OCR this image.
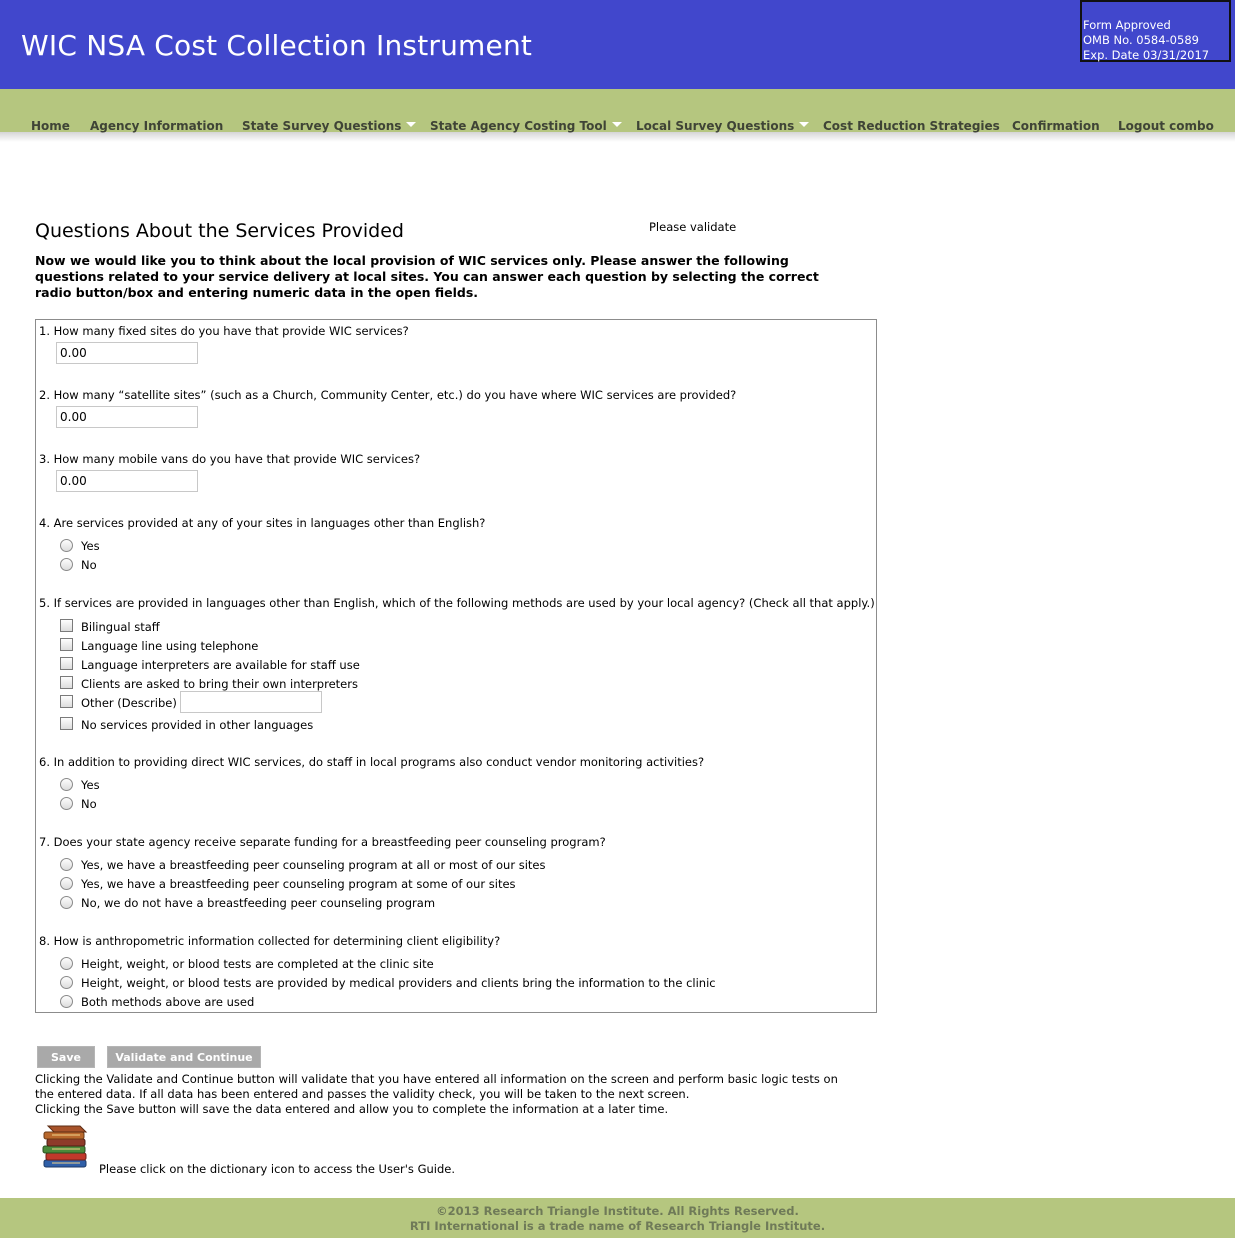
WIC NSA Cost Collection Instrument
Form Approved
OMB No. 0584-0589
Exp. Date 03/31/2017
Home Agency Information State Survey Questions	State Agency Costing Tool	Local Survey Questions	Cost Reduction Strategies Confirmation Logout combo
Questions About the Services Provided	Please validate
Now we would like you to think about the local provision of WIC services only. Please answer the following questions related to your service delivery at local sites. You can answer each question by selecting the correct radio button/box and entering numeric data in the open fields.
1. How many fixed sites do you have that provide WIC services?
0.00
2. How many “satellite sites” (such as a Church, Community Center, etc.) do you have where WIC services are provided?
0.00
3. How many mobile vans do you have that provide WIC services?
0.00
4. Are services provided at any of your sites in languages other than English?
Yes
No
5. If services are provided in languages other than English, which of the following methods are used by your local agency? (Check all that apply.)
Bilingual staff
Language line using telephone
Language interpreters are available for staff use
Clients are asked to bring their own interpreters
Other (Describe)
No services provided in other languages
6. In addition to providing direct WIC services, do staff in local programs also conduct vendor monitoring activities?
Yes
No
7. Does your state agency receive separate funding for a breastfeeding peer counseling program?
Yes, we have a breastfeeding peer counseling program at all or most of our sites
Yes, we have a breastfeeding peer counseling program at some of our sites
No, we do not have a breastfeeding peer counseling program
8. How is anthropometric information collected for determining client eligibility?
Height, weight, or blood tests are completed at the clinic site
Height, weight, or blood tests are provided by medical providers and clients bring the information to the clinic
Both methods above are used
Save	Validate and Continue
Clicking the Validate and Continue button will validate that you have entered all information on the screen and perform basic logic tests on
the entered data. If all data has been entered and passes the validity check, you will be taken to the next screen.
Clicking the Save button will save the data entered and allow you to complete the information at a later time.
Please click on the dictionary icon to access the User's Guide.
©2013 Research Triangle Institute. All Rights Reserved.
RTI International is a trade name of Research Triangle Institute.
